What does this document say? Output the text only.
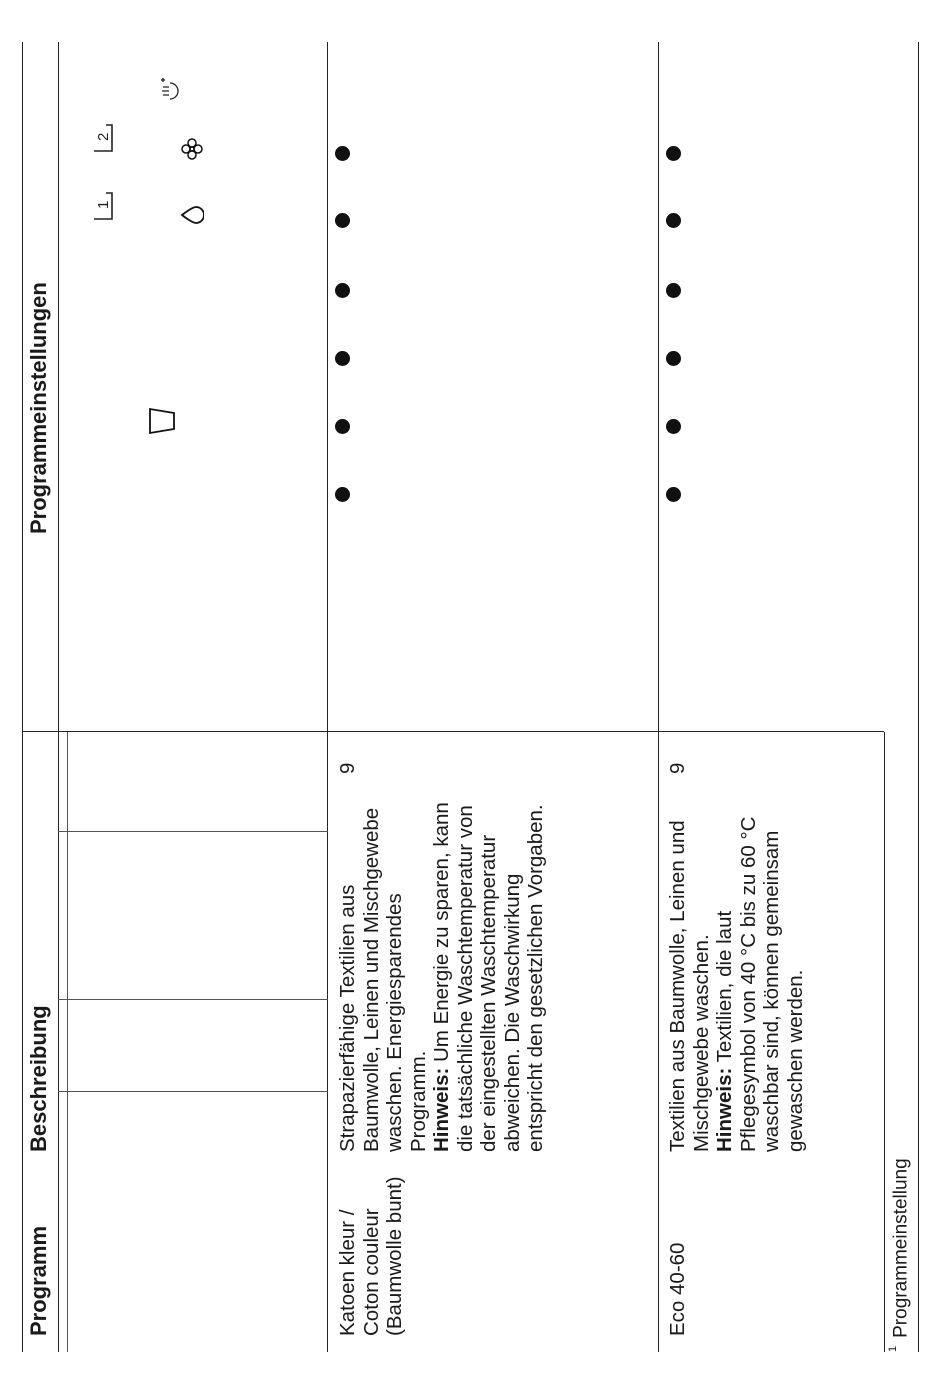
Programm
Beschreibung
Programmeinstellungen
1
2
Katoen kleur / Coton couleur (Baumwolle bunt)
Strapazierfähige Textilien aus Baumwolle, Leinen und Mischgewebe waschen. Energiesparendes Programm.
Hinweis: Um Energie zu sparen, kann die tatsächliche Waschtemperatur von der eingestellten Waschtemperatur abweichen. Die Waschwirkung entspricht den gesetzlichen Vorgaben.
9
Eco 40-60
Textilien aus Baumwolle, Leinen und Mischgewebe waschen.
Hinweis: Textilien, die laut Pflegesymbol von 40 °C bis zu 60 °C waschbar sind, können gemeinsam gewaschen werden.
9
$^1$Programmeinstellung
